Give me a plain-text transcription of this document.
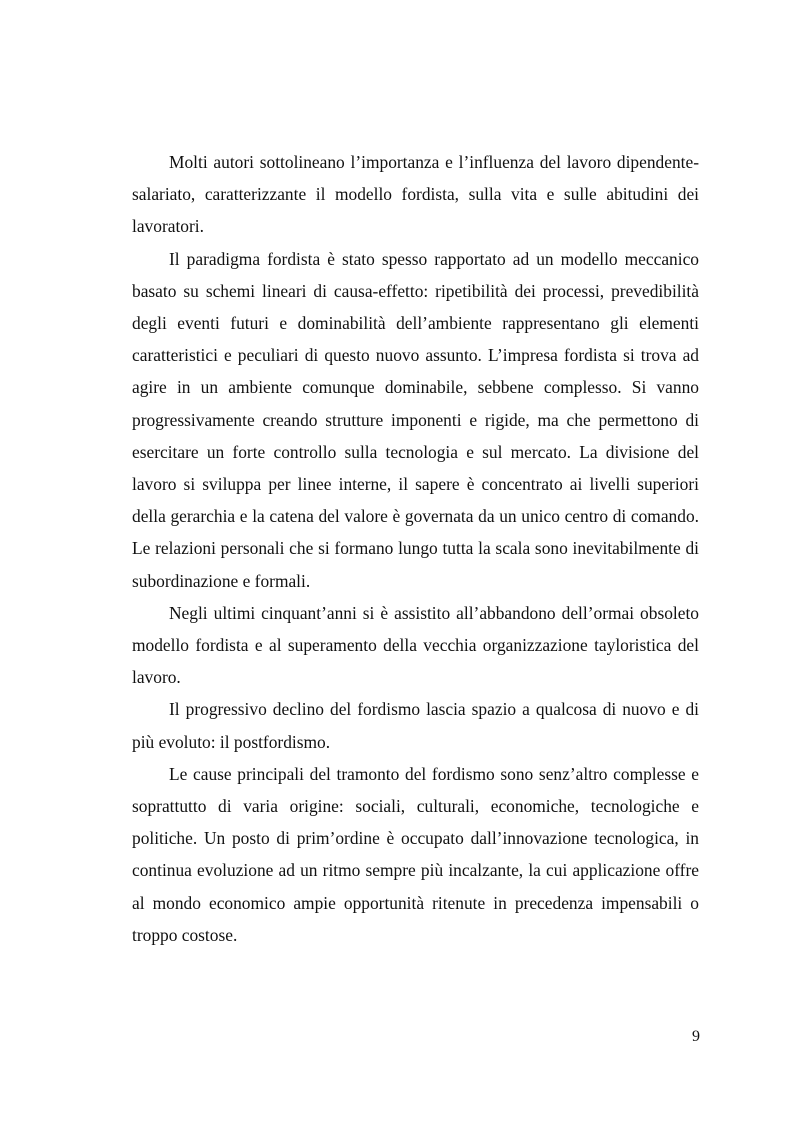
Molti autori sottolineano l’importanza e l’influenza del lavoro dipendente-salariato, caratterizzante il modello fordista, sulla vita e sulle abitudini dei lavoratori.

Il paradigma fordista è stato spesso rapportato ad un modello meccanico basato su schemi lineari di causa-effetto: ripetibilità dei processi, prevedibilità degli eventi futuri e dominabilità dell’ambiente rappresentano gli elementi caratteristici e peculiari di questo nuovo assunto. L’impresa fordista si trova ad agire in un ambiente comunque dominabile, sebbene complesso. Si vanno progressivamente creando strutture imponenti e rigide, ma che permettono di esercitare un forte controllo sulla tecnologia e sul mercato. La divisione del lavoro si sviluppa per linee interne, il sapere è concentrato ai livelli superiori della gerarchia e la catena del valore è governata da un unico centro di comando. Le relazioni personali che si formano lungo tutta la scala sono inevitabilmente di subordinazione e formali.

Negli ultimi cinquant’anni si è assistito all’abbandono dell’ormai obsoleto modello fordista e al superamento della vecchia organizzazione tayloristica del lavoro.

Il progressivo declino del fordismo lascia spazio a qualcosa di nuovo e di più evoluto: il postfordismo.

Le cause principali del tramonto del fordismo sono senz’altro complesse e soprattutto di varia origine: sociali, culturali, economiche, tecnologiche e politiche. Un posto di prim’ordine è occupato dall’innovazione tecnologica, in continua evoluzione ad un ritmo sempre più incalzante, la cui applicazione offre al mondo economico ampie opportunità ritenute in precedenza impensabili o troppo costose.

9
